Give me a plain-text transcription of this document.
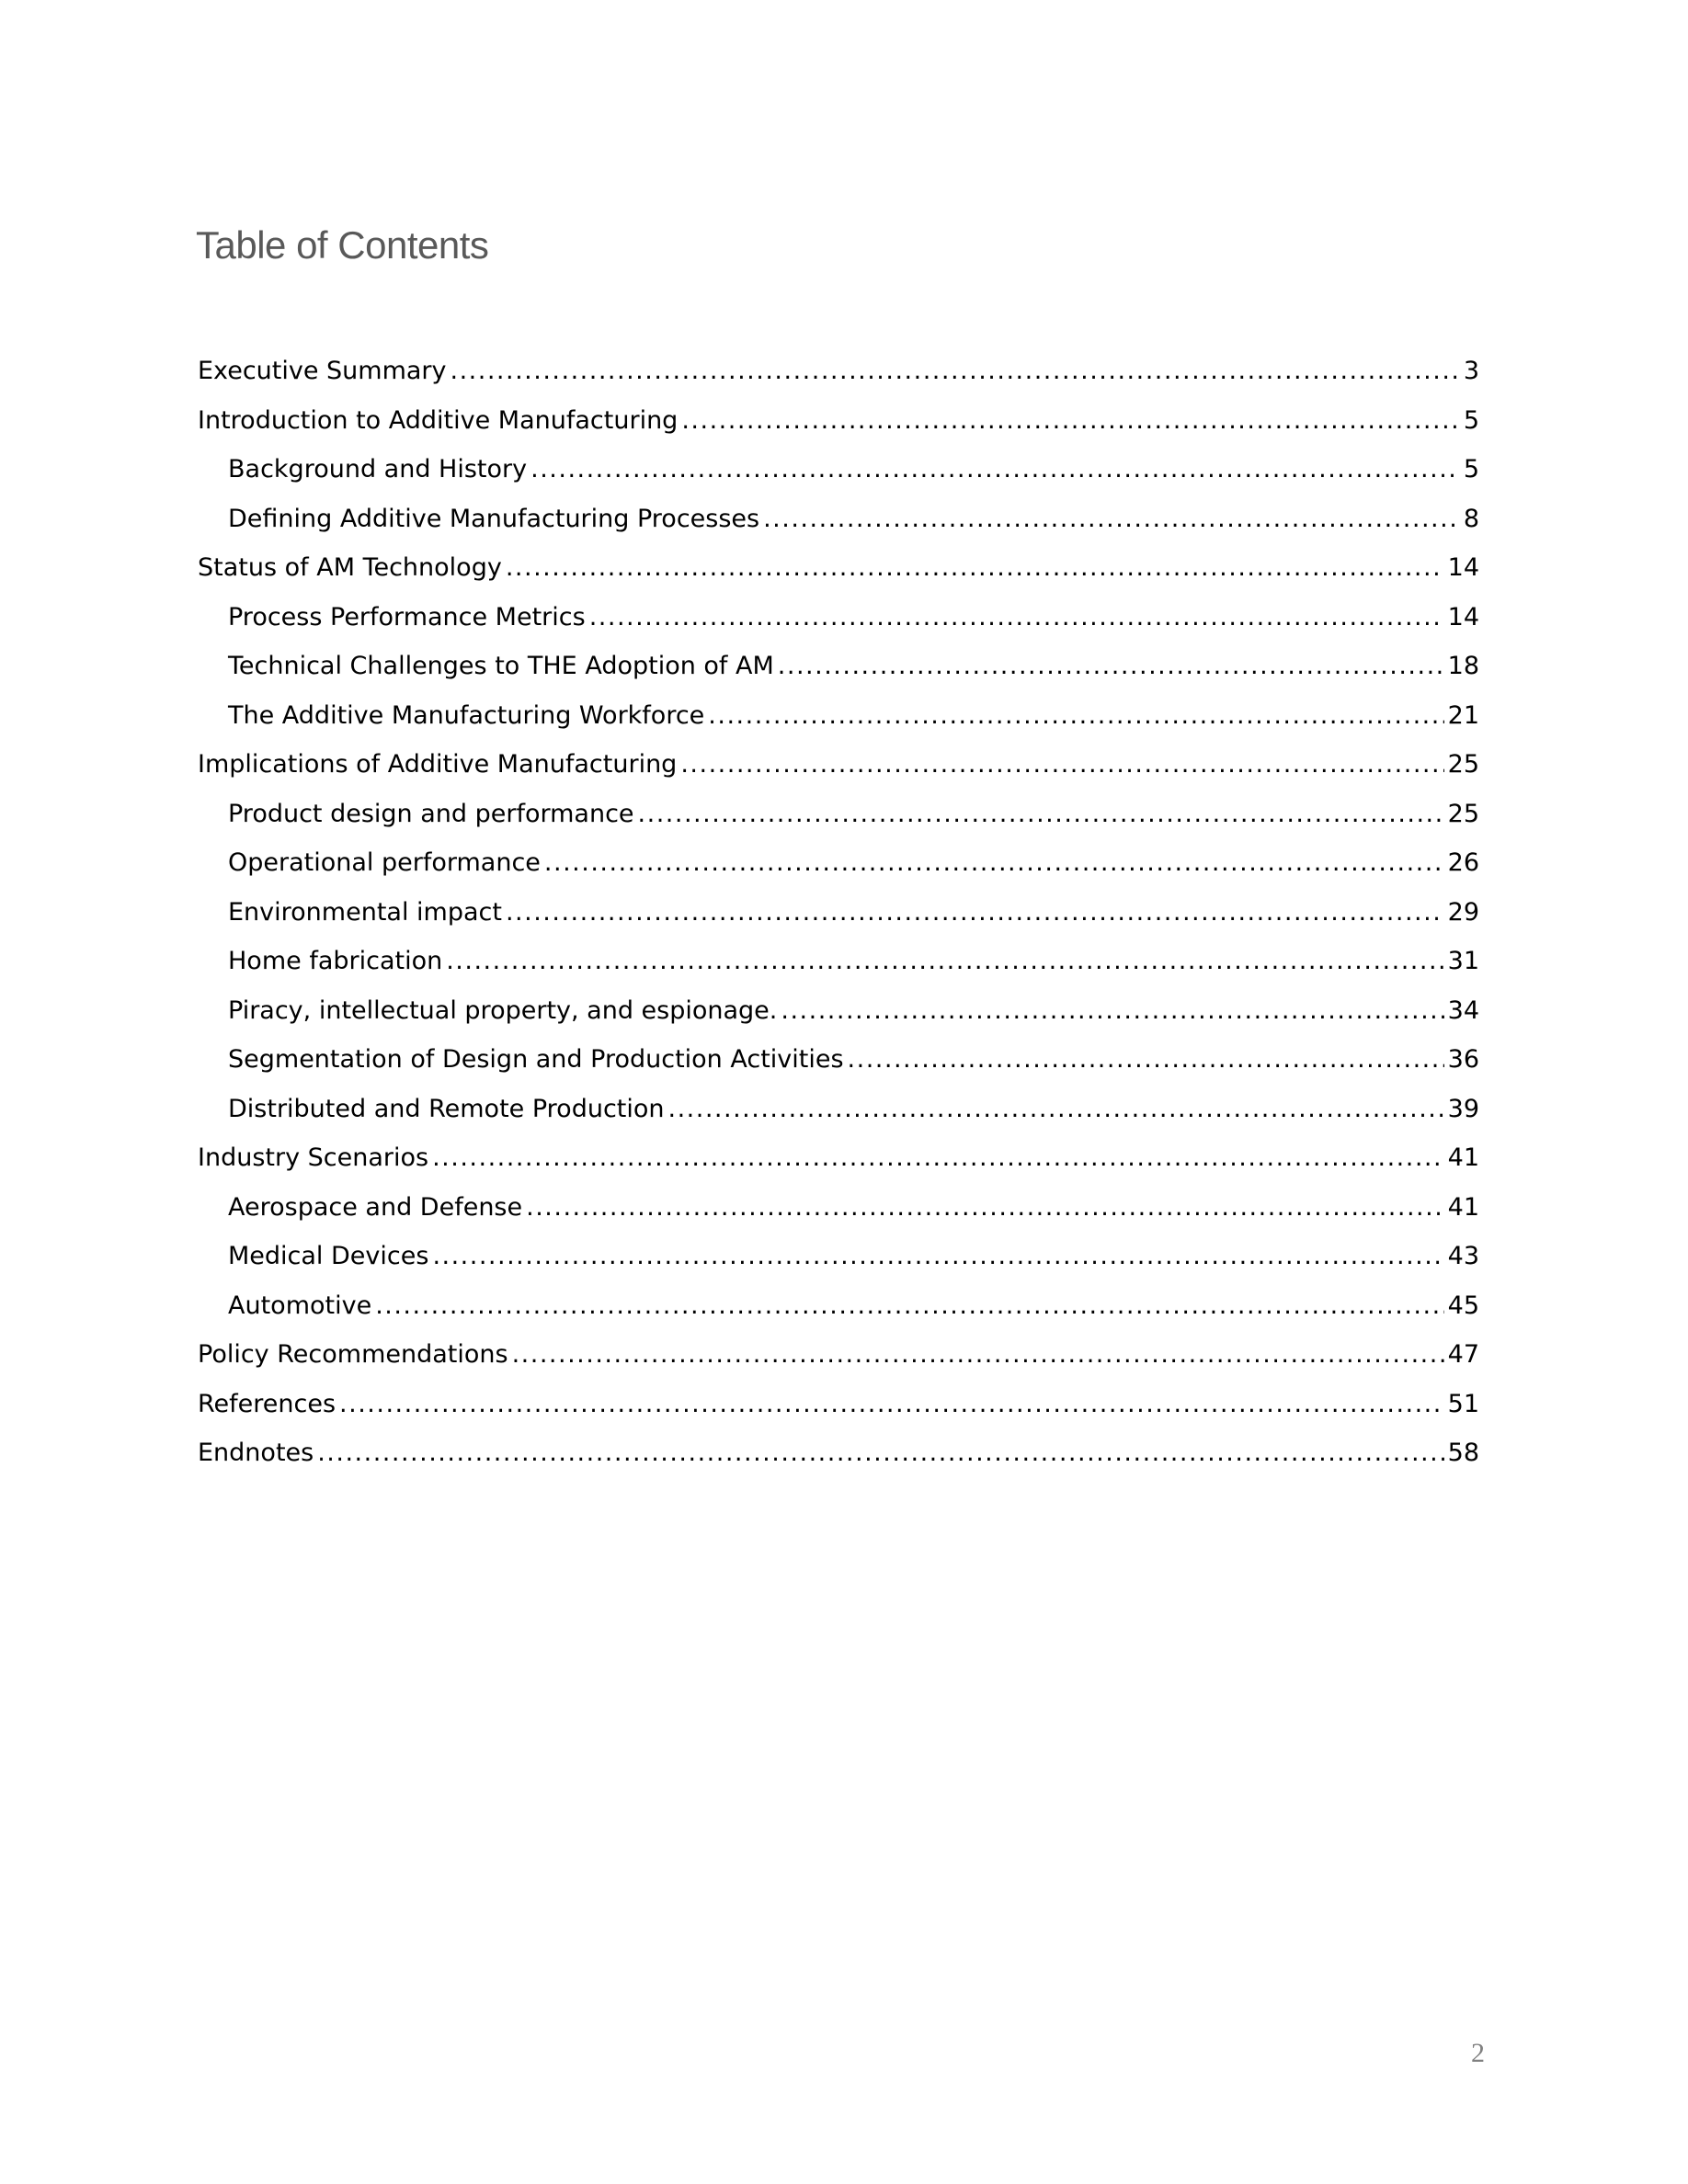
Table of Contents
Executive Summary .....	3
Introduction to Additive Manufacturing .....	5
Background and History .....	5
Defining Additive Manufacturing Processes .....	8
Status of AM Technology .....	14
Process Performance Metrics .....	14
Technical Challenges to THE Adoption of AM .....	18
The Additive Manufacturing Workforce .....	21
Implications of Additive Manufacturing .....	25
Product design and performance .....	25
Operational performance .....	26
Environmental impact .....	29
Home fabrication .....	31
Piracy, intellectual property, and espionage. .....	34
Segmentation of Design and Production Activities .....	36
Distributed and Remote Production .....	39
Industry Scenarios .....	41
Aerospace and Defense .....	41
Medical Devices .....	43
Automotive .....	45
Policy Recommendations .....	47
References .....	51
Endnotes .....	58
2
